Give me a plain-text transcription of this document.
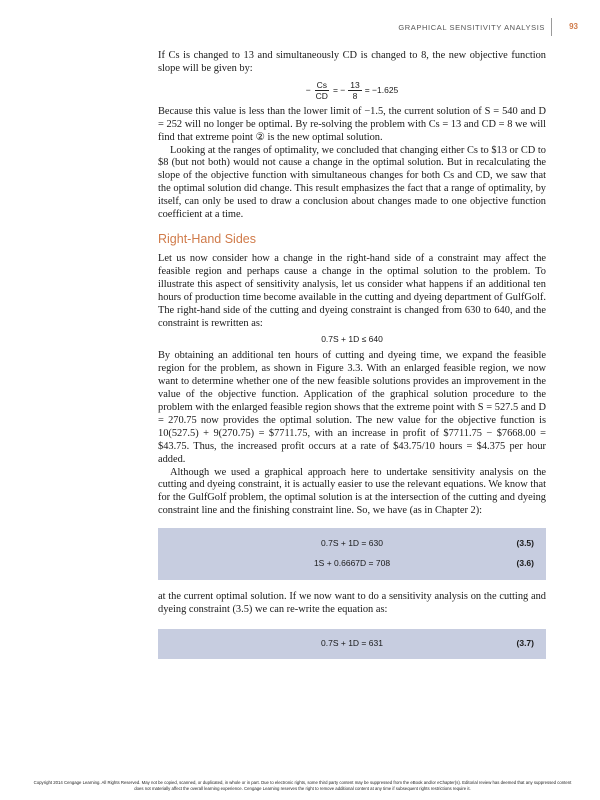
GRAPHICAL SENSITIVITY ANALYSIS	93

If Cs is changed to 13 and simultaneously CD is changed to 8, the new objective function slope will be given by:

− $\frac{Cs}{CD}$ = − $\frac{13}{8} = -1.625$

Because this value is less than the lower limit of −1.5, the current solution of S = 540 and D = 252 will no longer be optimal. By re-solving the problem with Cs = 13 and CD = 8 we will find that extreme point ② is the new optimal solution.

Looking at the ranges of optimality, we concluded that changing either Cs to $13 or CD to $8 (but not both) would not cause a change in the optimal solution. But in recalculating the slope of the objective function with simultaneous changes for both Cs and CD, we saw that the optimal solution did change. This result emphasizes the fact that a range of optimality, by itself, can only be used to draw a conclusion about changes made to one objective function coefficient at a time.

Right-Hand Sides

Let us now consider how a change in the right-hand side of a constraint may affect the feasible region and perhaps cause a change in the optimal solution to the problem. To illustrate this aspect of sensitivity analysis, let us consider what happens if an additional ten hours of production time become available in the cutting and dyeing department of GulfGolf. The right-hand side of the cutting and dyeing constraint is changed from 630 to 640, and the constraint is rewritten as:

0.7S + 1D ≤ 640

By obtaining an additional ten hours of cutting and dyeing time, we expand the feasible region for the problem, as shown in Figure 3.3. With an enlarged feasible region, we now want to determine whether one of the new feasible solutions provides an improvement in the value of the objective function. Application of the graphical solution procedure to the problem with the enlarged feasible region shows that the extreme point with S = 527.5 and D = 270.75 now provides the optimal solution. The new value for the objective function is 10(527.5) + 9(270.75) = $7711.75, with an increase in profit of $7711.75 − $7668.00 = $43.75. Thus, the increased profit occurs at a rate of $43.75/10 hours = $4.375 per hour added.

Although we used a graphical approach here to undertake sensitivity analysis on the cutting and dyeing constraint, it is actually easier to use the relevant equations. We know that for the GulfGolf problem, the optimal solution is at the intersection of the cutting and dyeing constraint line and the finishing constraint line. So, we have (as in Chapter 2):

0.7S + 1D = 630	(3.5)
1S + 0.6667D = 708	(3.6)

at the current optimal solution. If we now want to do a sensitivity analysis on the cutting and dyeing constraint (3.5) we can re-write the equation as:

0.7S + 1D = 631	(3.7)
Copyright 2014 Cengage Learning. All Rights Reserved. May not be copied, scanned, or duplicated, in whole or in part. Due to electronic rights, some third party content may be suppressed from the eBook and/or eChapter(s). Editorial review has deemed that any suppressed content does not materially affect the overall learning experience. Cengage Learning reserves the right to remove additional content at any time if subsequent rights restrictions require it.
